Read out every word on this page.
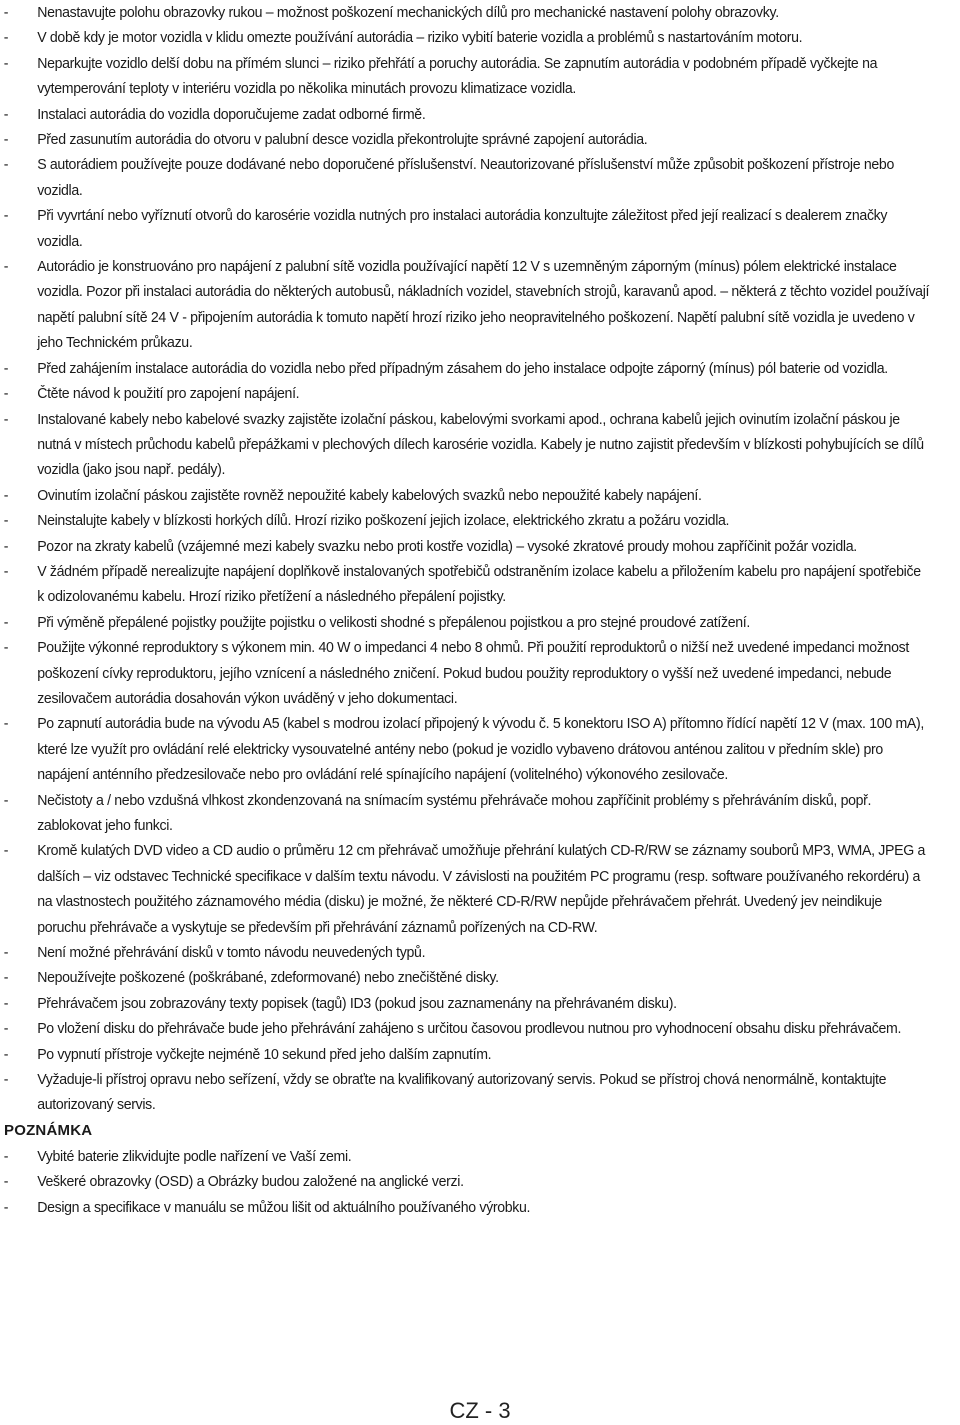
- Nenastavujte polohu obrazovky rukou – možnost poškození mechanických dílů pro mechanické nastavení polohy obrazovky.
- V době kdy je motor vozidla v klidu omezte používání autorádia – riziko vybití baterie vozidla a problémů s nastartováním motoru.
- Neparkujte vozidlo delší dobu na přímém slunci – riziko přehřátí a poruchy autorádia. Se zapnutím autorádia v podobném případě vyčkejte na vytemperování teploty v interiéru vozidla po několika minutách provozu klimatizace vozidla.
- Instalaci autorádia do vozidla doporučujeme zadat odborné firmě.
- Před zasunutím autorádia do otvoru v palubní desce vozidla překontrolujte správné zapojení autorádia.
- S autorádiem používejte pouze dodávané nebo doporučené příslušenství. Neautorizované příslušenství může způsobit poškození přístroje nebo vozidla.
- Při vyvrtání nebo vyříznutí otvorů do karosérie vozidla nutných pro instalaci autorádia konzultujte záležitost před její realizací s dealerem značky vozidla.
- Autorádio je konstruováno pro napájení z palubní sítě vozidla používající napětí 12 V s uzemněným záporným (mínus) pólem elektrické instalace vozidla. Pozor při instalaci autorádia do některých autobusů, nákladních vozidel, stavebních strojů, karavanů apod. – některá z těchto vozidel používají napětí palubní sítě 24 V - připojením autorádia k tomuto napětí hrozí riziko jeho neopravitelného poškození. Napětí palubní sítě vozidla je uvedeno v jeho Technickém průkazu.
- Před zahájením instalace autorádia do vozidla nebo před případným zásahem do jeho instalace odpojte záporný (mínus) pól baterie od vozidla.
- Čtěte návod k použití pro zapojení napájení.
- Instalované kabely nebo kabelové svazky zajistěte izolační páskou, kabelovými svorkami apod., ochrana kabelů jejich ovinutím izolační páskou je nutná v místech průchodu kabelů přepážkami v plechových dílech karosérie vozidla. Kabely je nutno zajistit především v blízkosti pohybujících se dílů vozidla (jako jsou např. pedály).
- Ovinutím izolační páskou zajistěte rovněž nepoužité kabely kabelových svazků nebo nepoužité kabely napájení.
- Neinstalujte kabely v blízkosti horkých dílů. Hrozí riziko poškození jejich izolace, elektrického zkratu a požáru vozidla.
- Pozor na zkraty kabelů (vzájemné mezi kabely svazku nebo proti kostře vozidla) – vysoké zkratové proudy mohou zapříčinit požár vozidla.
- V žádném případě nerealizujte napájení doplňkově instalovaných spotřebičů odstraněním izolace kabelu a přiložením kabelu pro napájení spotřebiče k odizolovanému kabelu. Hrozí riziko přetížení a následného přepálení pojistky.
- Při výměně přepálené pojistky použijte pojistku o velikosti shodné s přepálenou pojistkou a pro stejné proudové zatížení.
- Použijte výkonné reproduktory s výkonem min. 40 W o impedanci 4 nebo 8 ohmů. Při použití reproduktorů o nižší než uvedené impedanci možnost poškození cívky reproduktoru, jejího vznícení a následného zničení. Pokud budou použity reproduktory o vyšší než uvedené impedanci, nebude zesilovačem autorádia dosahován výkon uváděný v jeho dokumentaci.
- Po zapnutí autorádia bude na vývodu A5 (kabel s modrou izolací připojený k vývodu č. 5 konektoru ISO A) přítomno řídící napětí 12 V (max. 100 mA), které lze využít pro ovládání relé elektricky vysouvatelné antény nebo (pokud je vozidlo vybaveno drátovou anténou zalitou v předním skle) pro napájení anténního předzesilovače nebo pro ovládání relé spínajícího napájení (volitelného) výkonového zesilovače.
- Nečistoty a / nebo vzdušná vlhkost zkondenzovaná na snímacím systému přehrávače mohou zapříčinit problémy s přehráváním disků, popř. zablokovat jeho funkci.
- Kromě kulatých DVD video a CD audio o průměru 12 cm přehrávač umožňuje přehrání kulatých CD-R/RW se záznamy souborů MP3, WMA, JPEG a dalších – viz odstavec Technické specifikace v dalším textu návodu. V závislosti na použitém PC programu (resp. software používaného rekordéru) a na vlastnostech použitého záznamového média (disku) je možné, že některé CD-R/RW nepůjde přehrávačem přehrát. Uvedený jev neindikuje poruchu přehrávače a vyskytuje se především při přehrávání záznamů pořízených na CD-RW.
- Není možné přehrávání disků v tomto návodu neuvedených typů.
- Nepoužívejte poškozené (poškrábané, zdeformované) nebo znečištěné disky.
- Přehrávačem jsou zobrazovány texty popisek (tagů) ID3 (pokud jsou zaznamenány na přehrávaném disku).
- Po vložení disku do přehrávače bude jeho přehrávání zahájeno s určitou časovou prodlevou nutnou pro vyhodnocení obsahu disku přehrávačem.
- Po vypnutí přístroje vyčkejte nejméně 10 sekund před jeho dalším zapnutím.
- Vyžaduje-li přístroj opravu nebo seřízení, vždy se obraťte na kvalifikovaný autorizovaný servis. Pokud se přístroj chová nenormálně, kontaktujte autorizovaný servis.
POZNÁMKA
- Vybité baterie zlikvidujte podle nařízení ve Vaší zemi.
- Veškeré obrazovky (OSD) a Obrázky budou založené na anglické verzi.
- Design a specifikace v manuálu se můžou lišit od aktuálního používaného výrobku.
CZ - 3
